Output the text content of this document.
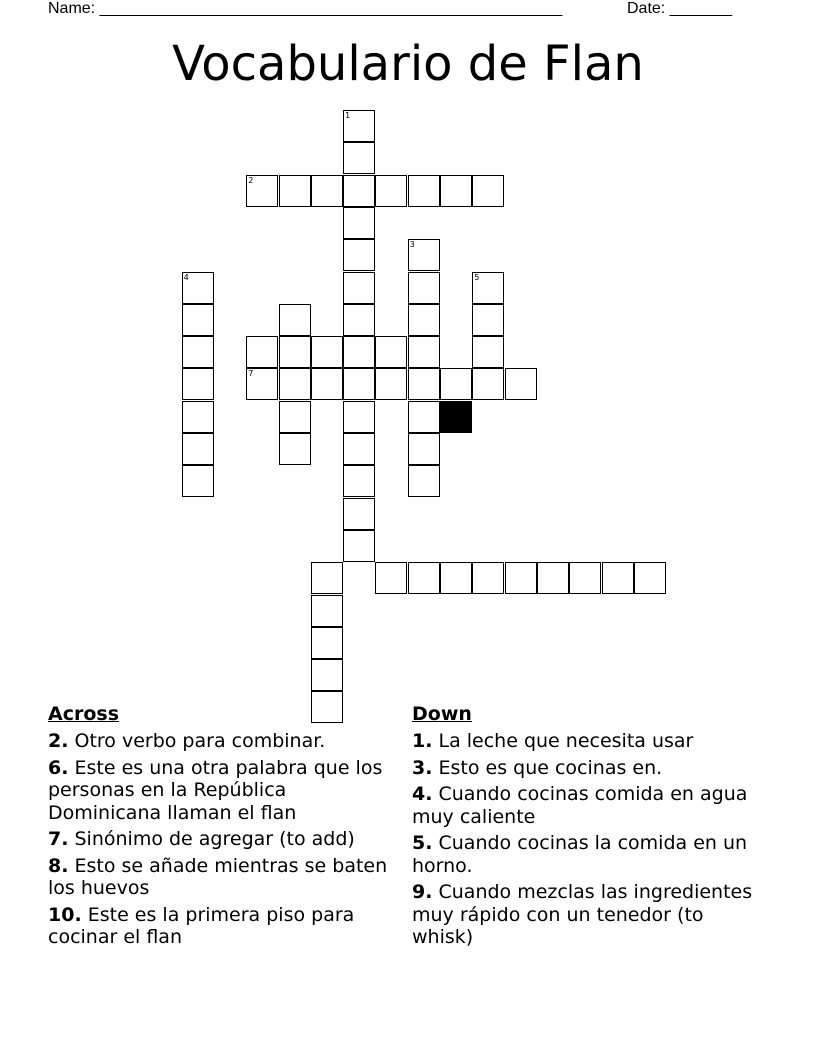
Name: ____________________________________________________	Date: _______
Vocabulario de Flan
1
2
3
5
4
7
Across
2. Otro verbo para combinar.
6. Este es una otra palabra que los personas en la República Dominicana llaman el flan
7. Sinónimo de agregar (to add)
8. Esto se añade mientras se baten los huevos
10. Este es la primera piso para cocinar el flan
Down
1. La leche que necesita usar
3. Esto es que cocinas en.
4. Cuando cocinas comida en agua muy caliente
5. Cuando cocinas la comida en un horno.
9. Cuando mezclas las ingredientes muy rápido con un tenedor (to whisk)
